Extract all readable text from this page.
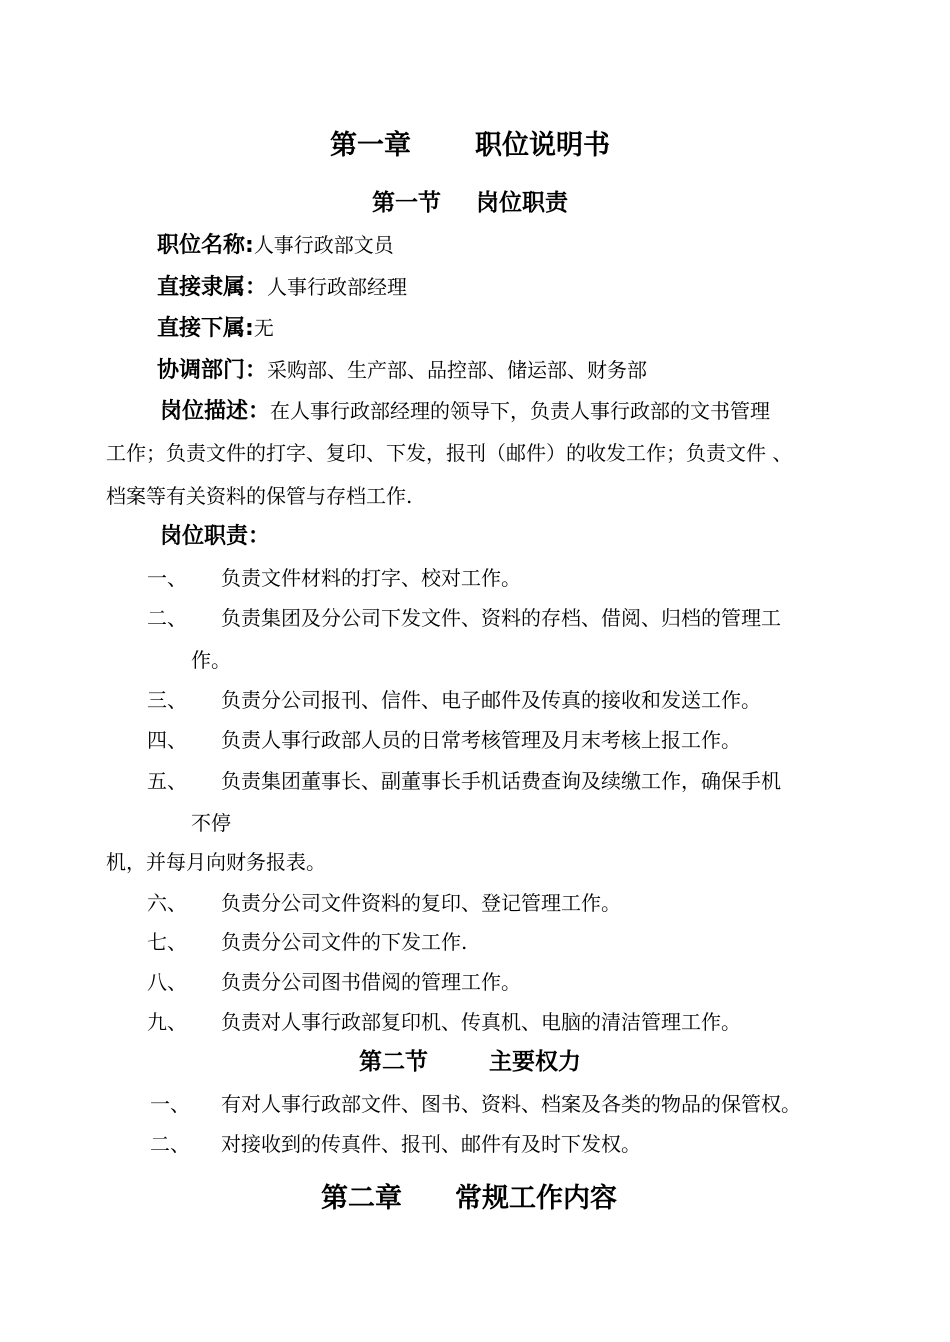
第一章 职位说明书
第一节 岗位职责
职位名称:人事行政部文员
直接隶属：人事行政部经理
直接下属:无
协调部门：采购部、生产部、品控部、储运部、财务部
岗位描述：在人事行政部经理的领导下，负责人事行政部的文书管理
工作；负责文件的打字、复印、下发，报刊（邮件）的收发工作；负责文件 、
档案等有关资料的保管与存档工作.
岗位职责：
一、 负责文件材料的打字、校对工作。
二、 负责集团及分公司下发文件、资料的存档、借阅、归档的管理工
作。
三、 负责分公司报刊、信件、电子邮件及传真的接收和发送工作。
四、 负责人事行政部人员的日常考核管理及月末考核上报工作。
五、 负责集团董事长、副董事长手机话费查询及续缴工作，确保手机
不停
机，并每月向财务报表。
六、 负责分公司文件资料的复印、登记管理工作。
七、 负责分公司文件的下发工作.
八、 负责分公司图书借阅的管理工作。
九、 负责对人事行政部复印机、传真机、电脑的清洁管理工作。
第二节	主要权力
一、 有对人事行政部文件、图书、资料、档案及各类的物品的保管权。
二、 对接收到的传真件、报刊、邮件有及时下发权。
第二章 常规工作内容
